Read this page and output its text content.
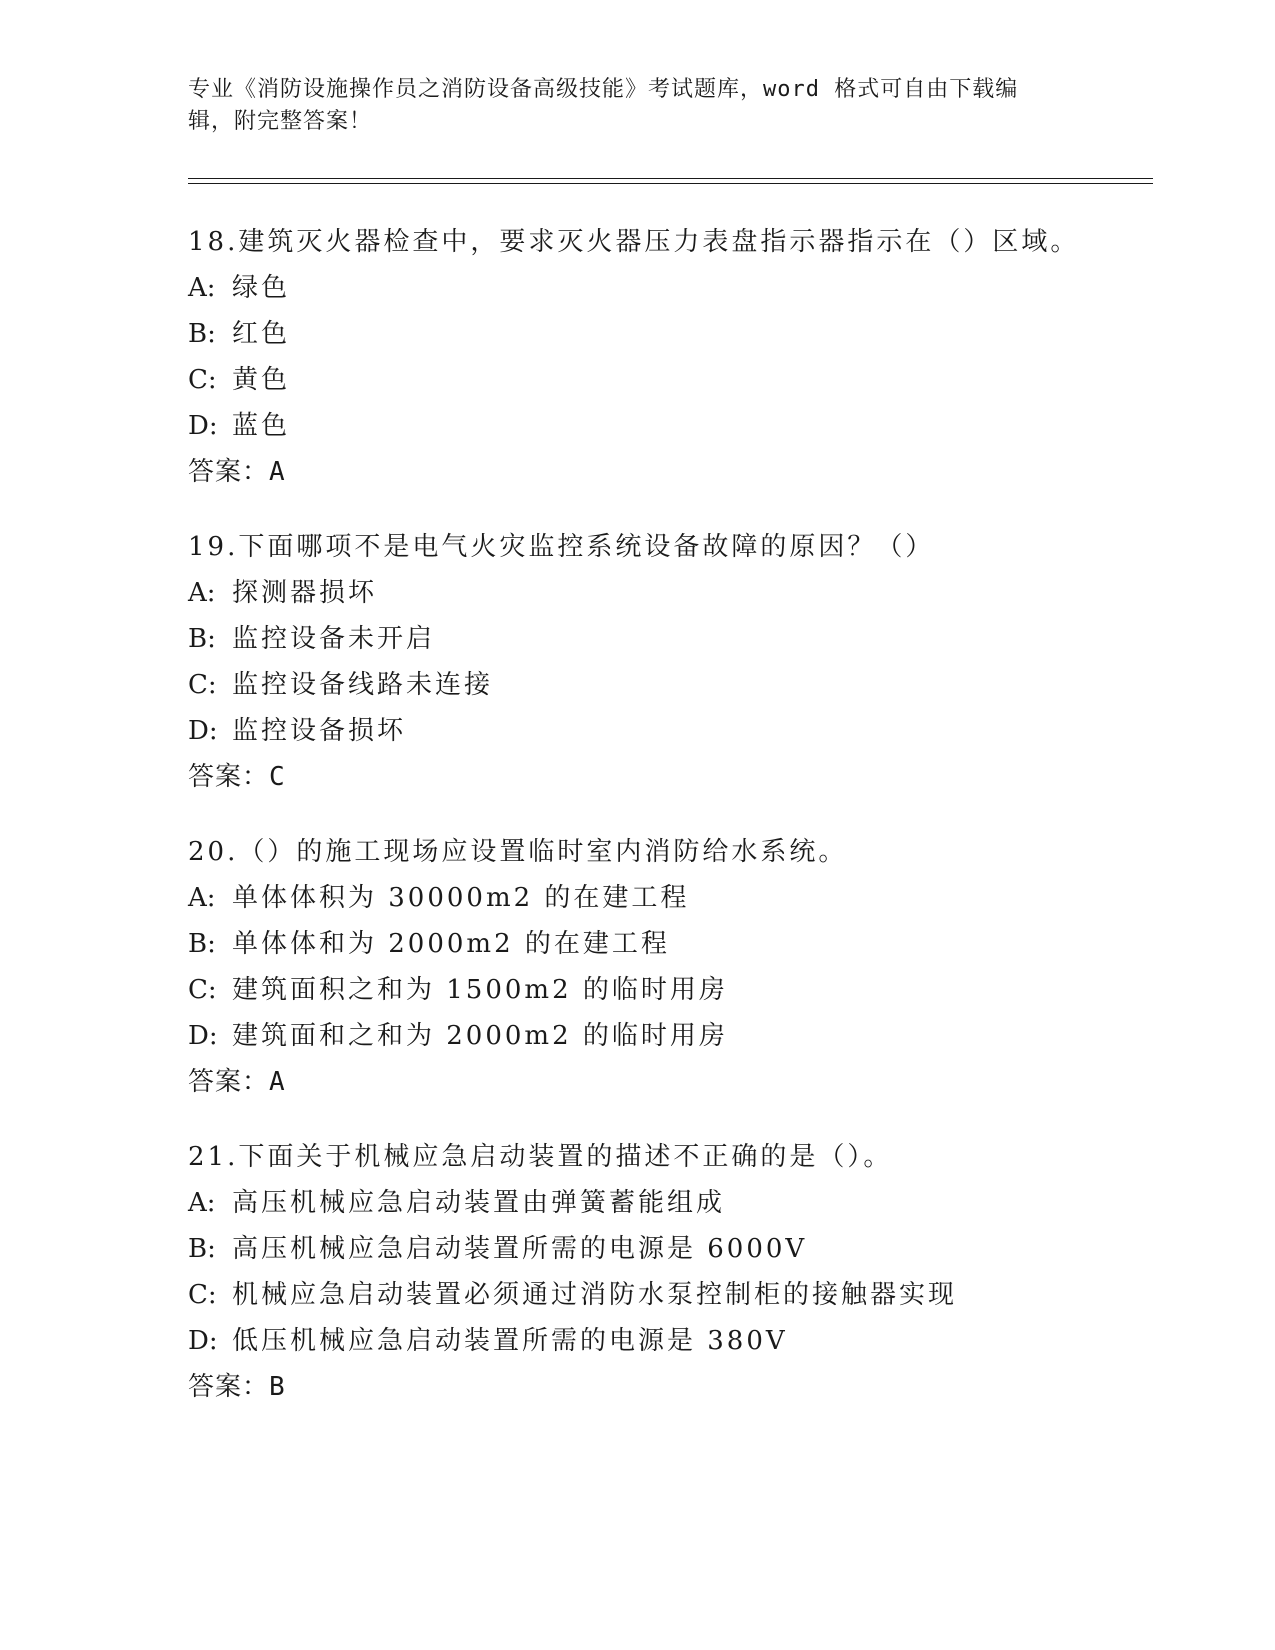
专业《消防设施操作员之消防设备高级技能》考试题库，word 格式可自由下载编
辑，附完整答案！
18.建筑灭火器检查中，要求灭火器压力表盘指示器指示在（）区域。
A: 绿色
B: 红色
C: 黄色
D: 蓝色
答案：A
19.下面哪项不是电气火灾监控系统设备故障的原因？（）
A: 探测器损坏
B: 监控设备未开启
C: 监控设备线路未连接
D: 监控设备损坏
答案：C
20.（）的施工现场应设置临时室内消防给水系统。
A: 单体体积为 30000m2 的在建工程
B: 单体体和为 2000m2 的在建工程
C: 建筑面积之和为 1500m2 的临时用房
D: 建筑面和之和为 2000m2 的临时用房
答案：A
21.下面关于机械应急启动装置的描述不正确的是（）。
A: 高压机械应急启动装置由弹簧蓄能组成
B: 高压机械应急启动装置所需的电源是 6000V
C: 机械应急启动装置必须通过消防水泵控制柜的接触器实现
D: 低压机械应急启动装置所需的电源是 380V
答案：B
